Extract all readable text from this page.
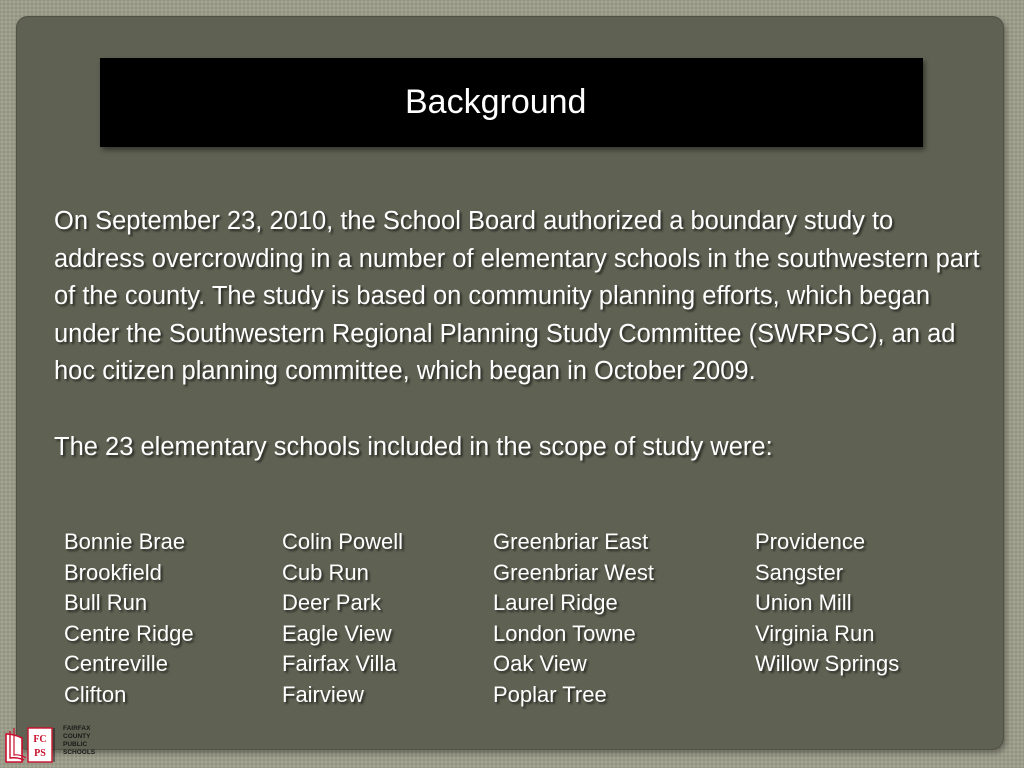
Background

On September 23, 2010, the School Board authorized a boundary study to address overcrowding in a number of elementary schools in the southwestern part of the county. The study is based on community planning efforts, which began under the Southwestern Regional Planning Study Committee (SWRPSC), an ad hoc citizen planning committee, which began in October 2009.

The 23 elementary schools included in the scope of study were:

Bonnie Brae
Brookfield
Bull Run
Centre Ridge
Centreville
Clifton
Colin Powell
Cub Run
Deer Park
Eagle View
Fairfax Villa
Fairview
Greenbriar East
Greenbriar West
Laurel Ridge
London Towne
Oak View
Poplar Tree
Providence
Sangster
Union Mill
Virginia Run
Willow Springs
FC
PS
FAIRFAX
COUNTY
PUBLIC
SCHOOLS
